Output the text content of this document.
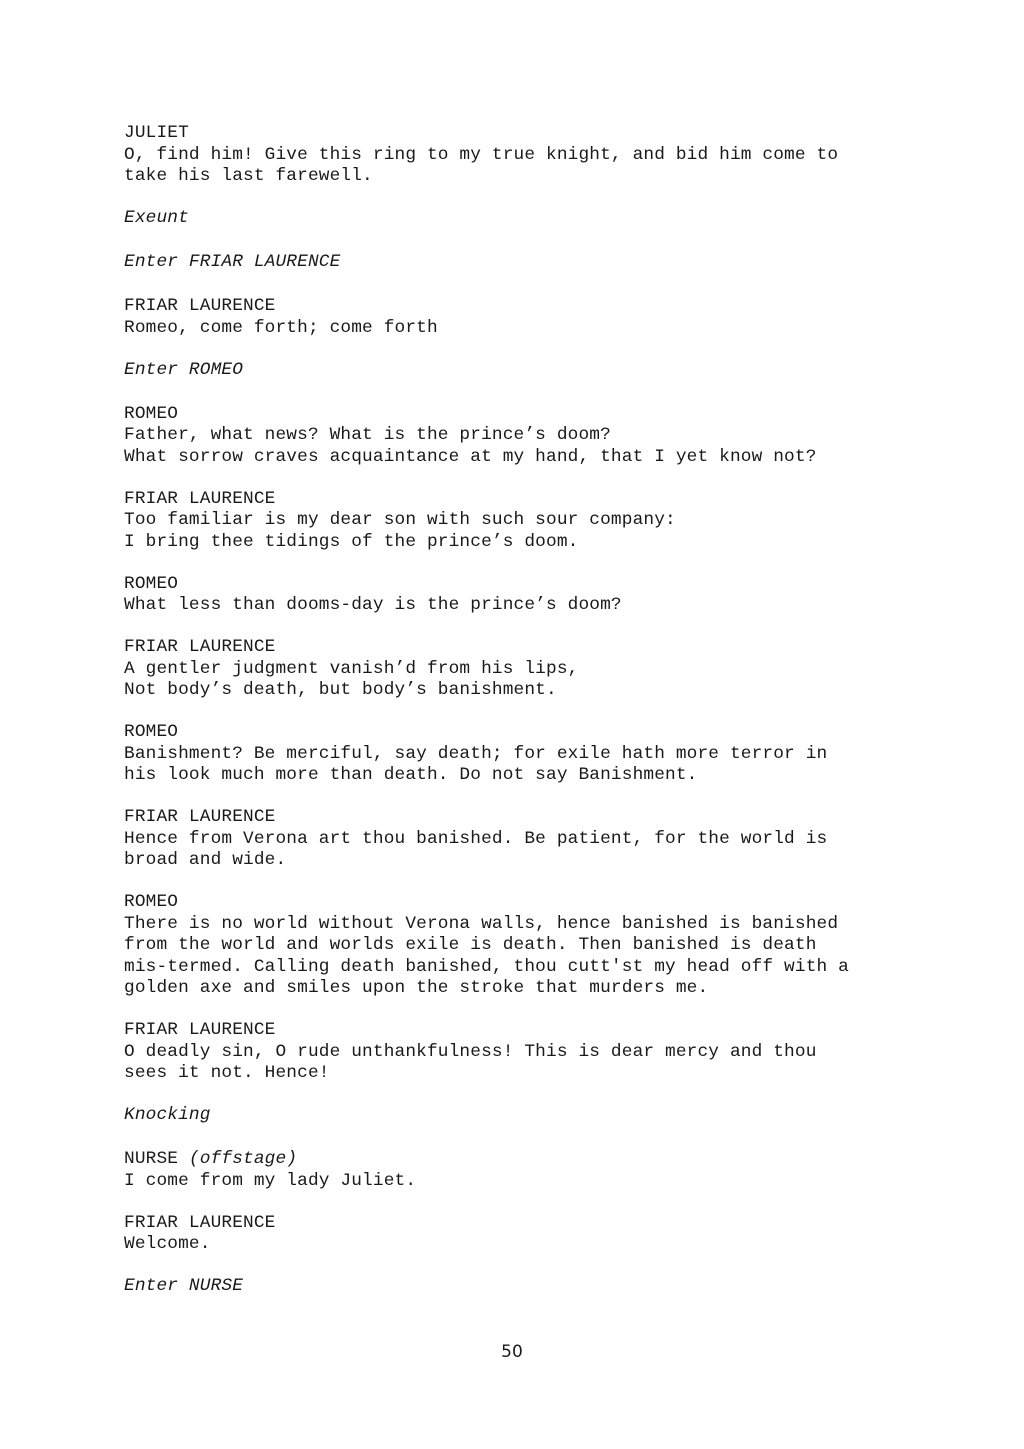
JULIET
O, find him! Give this ring to my true knight, and bid him come to
take his last farewell.
Exeunt
Enter FRIAR LAURENCE
FRIAR LAURENCE
Romeo, come forth; come forth
Enter ROMEO
ROMEO
Father, what news? What is the prince’s doom?
What sorrow craves acquaintance at my hand, that I yet know not?
FRIAR LAURENCE
Too familiar is my dear son with such sour company:
I bring thee tidings of the prince’s doom.
ROMEO
What less than dooms-day is the prince’s doom?
FRIAR LAURENCE
A gentler judgment vanish’d from his lips,
Not body’s death, but body’s banishment.
ROMEO
Banishment? Be merciful, say death; for exile hath more terror in
his look much more than death. Do not say Banishment.
FRIAR LAURENCE
Hence from Verona art thou banished. Be patient, for the world is
broad and wide.
ROMEO
There is no world without Verona walls, hence banished is banished
from the world and worlds exile is death. Then banished is death
mis-termed. Calling death banished, thou cutt'st my head off with a
golden axe and smiles upon the stroke that murders me.
FRIAR LAURENCE
O deadly sin, O rude unthankfulness! This is dear mercy and thou
sees it not. Hence!
Knocking
NURSE (offstage)
I come from my lady Juliet.
FRIAR LAURENCE
Welcome.
Enter NURSE
50
